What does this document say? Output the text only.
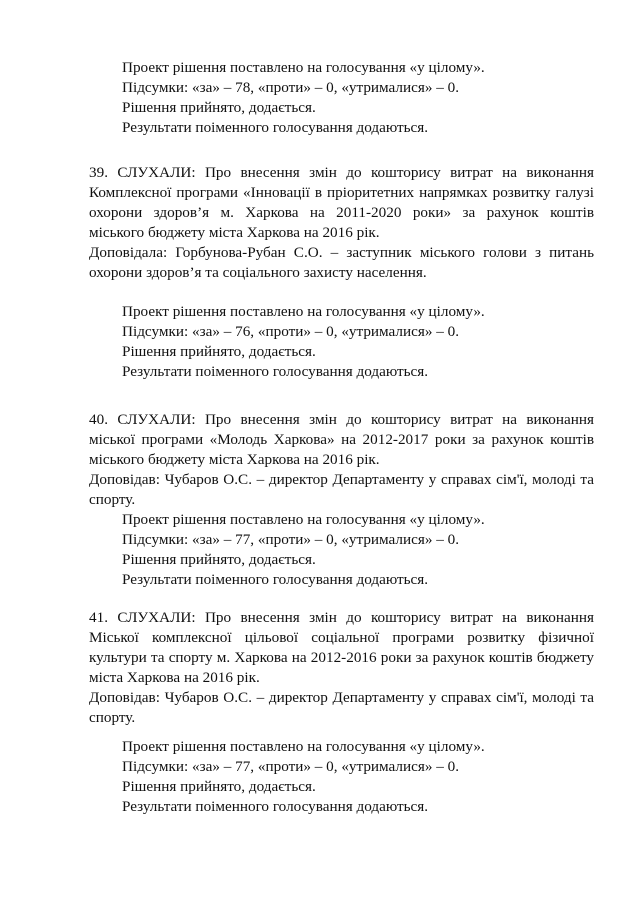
Проект рішення поставлено на голосування «у цілому».
Підсумки: «за» – 78, «проти» – 0, «утрималися» – 0.
Рішення прийнято, додається.
Результати поіменного голосування додаються.
39. СЛУХАЛИ: Про внесення змін до кошторису витрат на виконання
Комплексної програми «Інновації в пріоритетних напрямках розвитку галузі
охорони здоров’я м. Харкова на 2011-2020 роки» за рахунок коштів
міського бюджету міста Харкова на 2016 рік.
Доповідала: Горбунова-Рубан С.О. – заступник міського голови з питань
охорони здоров’я та соціального захисту населення.
Проект рішення поставлено на голосування «у цілому».
Підсумки: «за» – 76, «проти» – 0, «утрималися» – 0.
Рішення прийнято, додається.
Результати поіменного голосування додаються.
40. СЛУХАЛИ: Про внесення змін до кошторису витрат на виконання
міської програми «Молодь Харкова» на 2012-2017 роки за рахунок коштів
міського бюджету міста Харкова на 2016 рік.
Доповідав: Чубаров О.С. – директор Департаменту у справах сім'ї, молоді та
спорту.
Проект рішення поставлено на голосування «у цілому».
Підсумки: «за» – 77, «проти» – 0, «утрималися» – 0.
Рішення прийнято, додається.
Результати поіменного голосування додаються.
41. СЛУХАЛИ: Про внесення змін до кошторису витрат на виконання
Міської комплексної цільової соціальної програми розвитку фізичної
культури та спорту м. Харкова на 2012-2016 роки за рахунок коштів бюджету
міста Харкова на 2016 рік.
Доповідав: Чубаров О.С. – директор Департаменту у справах сім'ї, молоді та
спорту.
Проект рішення поставлено на голосування «у цілому».
Підсумки: «за» – 77, «проти» – 0, «утрималися» – 0.
Рішення прийнято, додається.
Результати поіменного голосування додаються.
